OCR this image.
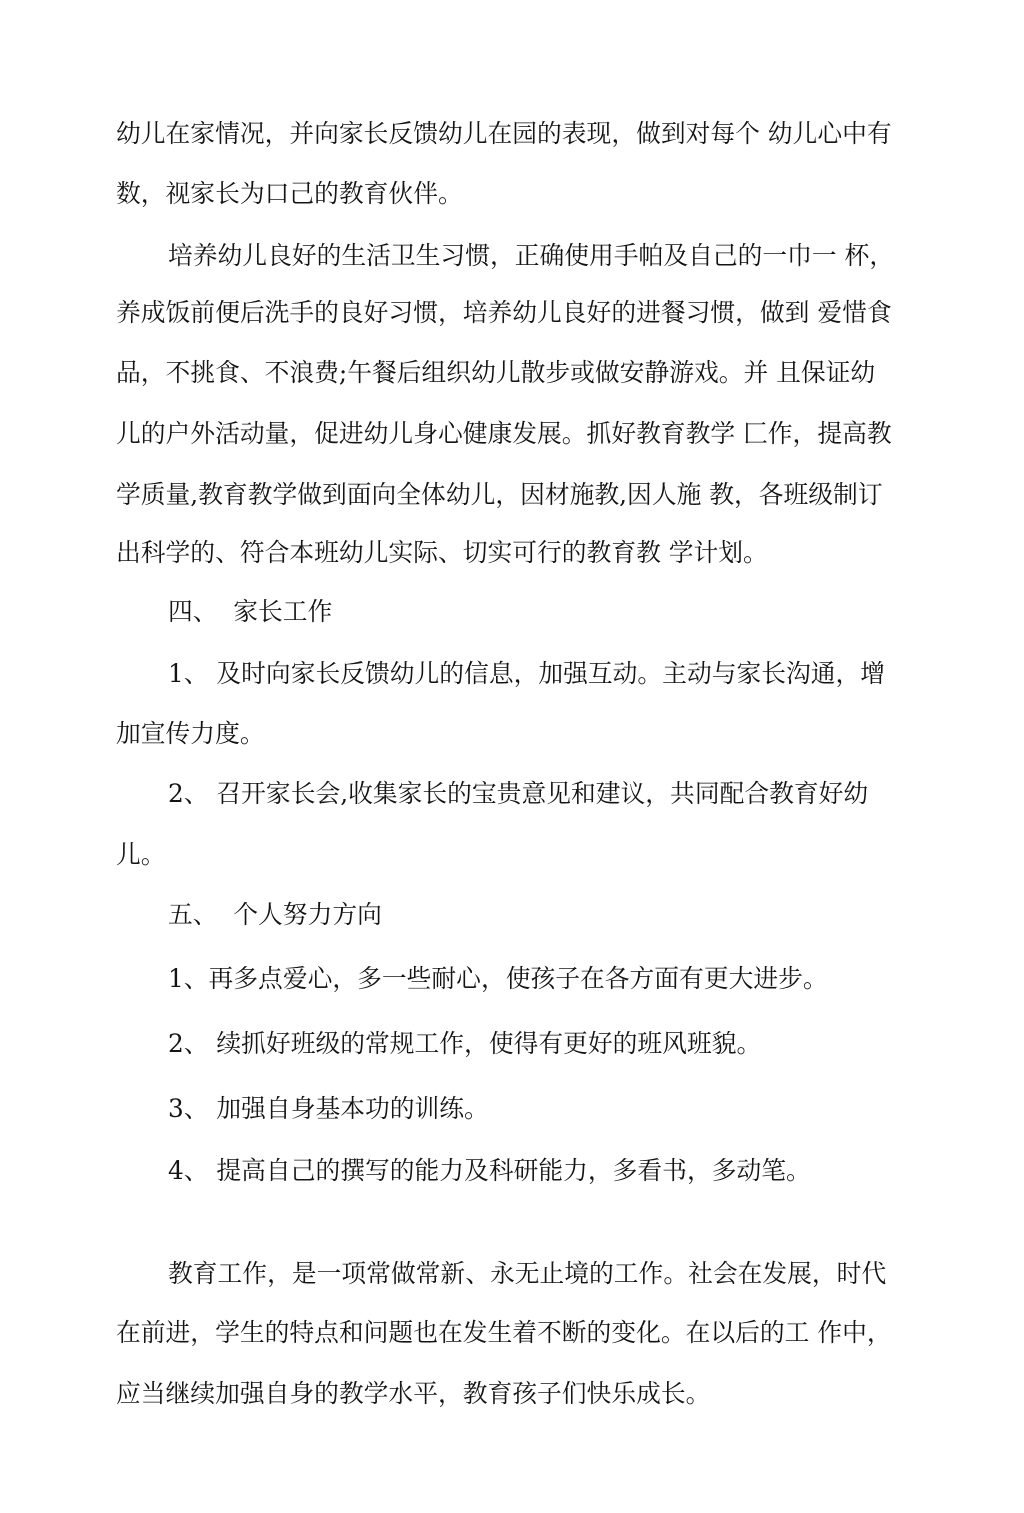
幼儿在家情况，并向家长反馈幼儿在园的表现，做到对每个 幼儿心中有
数，视家长为口己的教育伙伴。
培养幼儿良好的生活卫生习惯，正确使用手帕及自己的一巾一 杯，
养成饭前便后洗手的良好习惯，培养幼儿良好的进餐习惯，做到 爱惜食
品，不挑食、不浪费;午餐后组织幼儿散步或做安静游戏。并 且保证幼
儿的户外活动量，促进幼儿身心健康发展。抓好教育教学 匚作，提高教
学质量,教育教学做到面向全体幼儿，因材施教,因人施 教，各班级制订
出科学的、符合本班幼儿实际、切实可行的教育教 学计划。
四、  家长工作
1、 及时向家长反馈幼儿的信息，加强互动。主动与家长沟通，增
加宣传力度。
2、 召开家长会,收集家长的宝贵意见和建议，共同配合教育好幼
儿。
五、  个人努力方向
1、再多点爱心，多一些耐心，使孩子在各方面有更大进步。
2、 续抓好班级的常规工作，使得有更好的班风班貌。
3、 加强自身基本功的训练。
4、 提高自己的撰写的能力及科研能力，多看书，多动笔。
教育工作，是一项常做常新、永无止境的工作。社会在发展，时代
在前进，学生的特点和问题也在发生着不断的变化。在以后的工 作中，
应当继续加强自身的教学水平，教育孩子们快乐成长。
